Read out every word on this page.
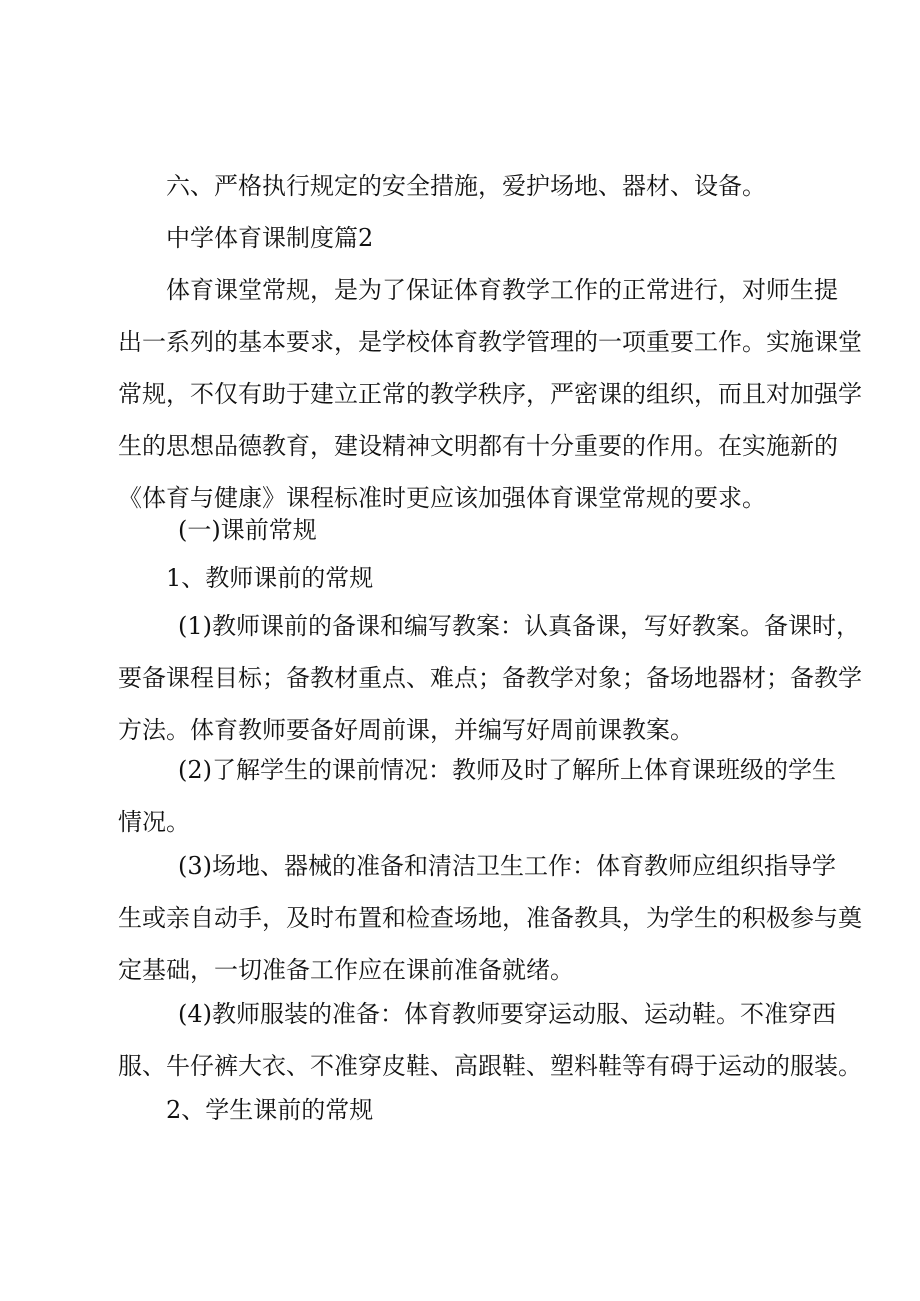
六、严格执行规定的安全措施，爱护场地、器材、设备。

中学体育课制度篇2

体育课堂常规，是为了保证体育教学工作的正常进行，对师生提
出一系列的基本要求，是学校体育教学管理的一项重要工作。实施课堂
常规，不仅有助于建立正常的教学秩序，严密课的组织，而且对加强学
生的思想品德教育，建设精神文明都有十分重要的作用。在实施新的
《体育与健康》课程标准时更应该加强体育课堂常规的要求。

(一)课前常规

1、教师课前的常规

(1)教师课前的备课和编写教案：认真备课，写好教案。备课时，
要备课程目标；备教材重点、难点；备教学对象；备场地器材；备教学
方法。体育教师要备好周前课，并编写好周前课教案。
(2)了解学生的课前情况：教师及时了解所上体育课班级的学生
情况。
(3)场地、器械的准备和清洁卫生工作：体育教师应组织指导学
生或亲自动手，及时布置和检查场地，准备教具，为学生的积极参与奠
定基础，一切准备工作应在课前准备就绪。
(4)教师服装的准备：体育教师要穿运动服、运动鞋。不准穿西
服、牛仔裤大衣、不准穿皮鞋、高跟鞋、塑料鞋等有碍于运动的服装。

2、学生课前的常规
